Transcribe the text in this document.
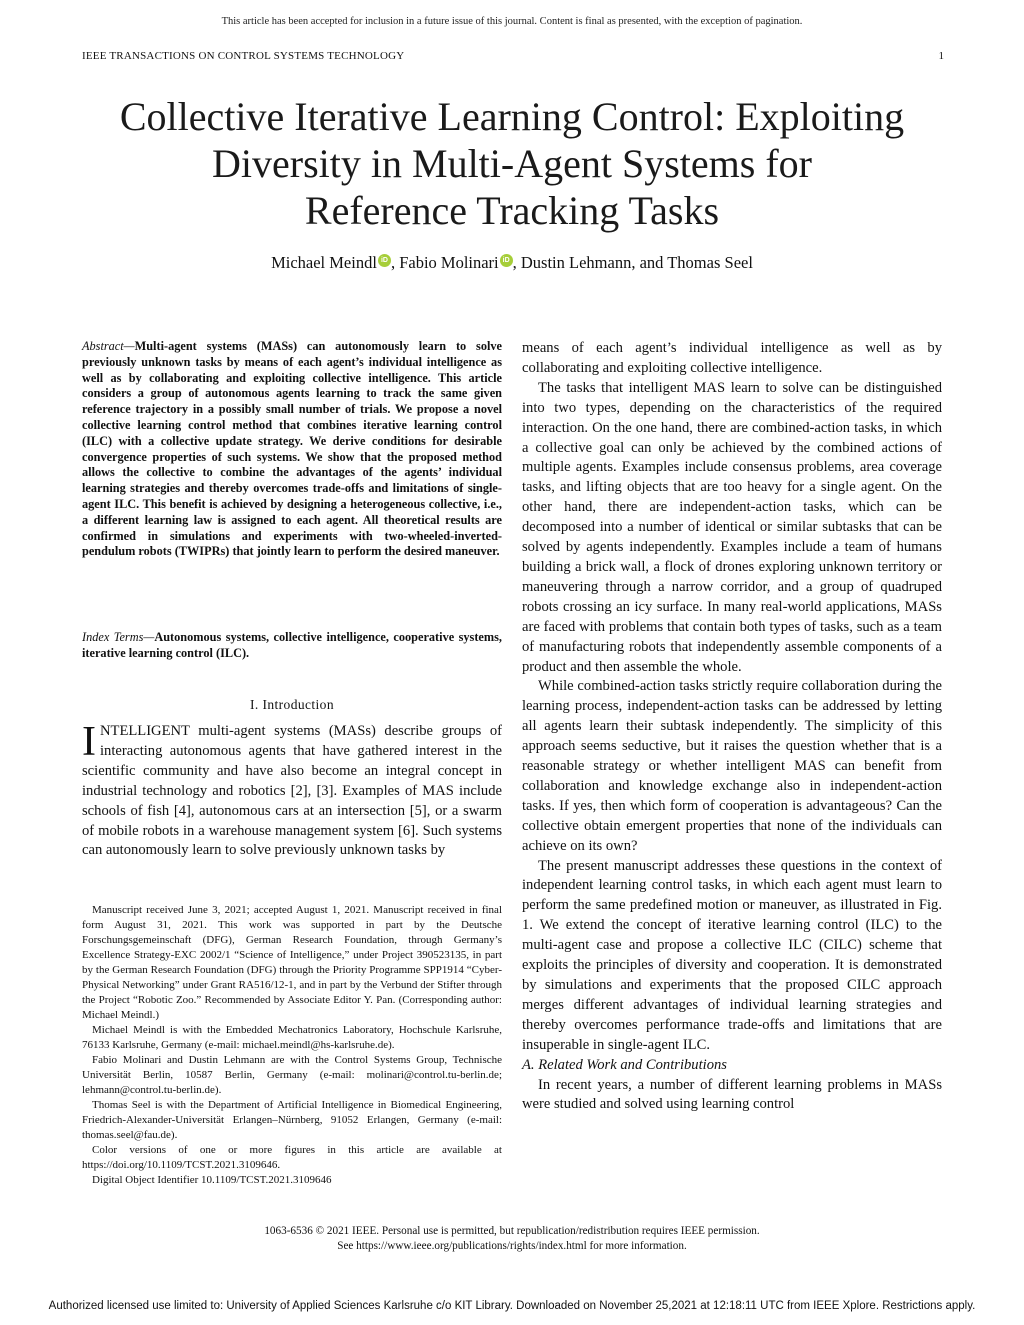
This article has been accepted for inclusion in a future issue of this journal. Content is final as presented, with the exception of pagination.
IEEE TRANSACTIONS ON CONTROL SYSTEMS TECHNOLOGY	1
Collective Iterative Learning Control: Exploiting
Diversity in Multi-Agent Systems for
Reference Tracking Tasks
Michael Meindl iD , Fabio Molinari iD , Dustin Lehmann, and Thomas Seel
Abstract—Multi-agent systems (MASs) can autonomously learn to solve previously unknown tasks by means of each agent’s individual intelligence as well as by collaborating and exploiting collective intelligence. This article considers a group of autonomous agents learning to track the same given reference trajectory in a possibly small number of trials. We propose a novel collective learning control method that combines iterative learning control (ILC) with a collective update strategy. We derive conditions for desirable convergence properties of such systems. We show that the proposed method allows the collective to combine the advantages of the agents’ individual learning strategies and thereby overcomes trade-offs and limitations of single-agent ILC. This benefit is achieved by designing a heterogeneous collective, i.e., a different learning law is assigned to each agent. All theoretical results are confirmed in simulations and experiments with two-wheeled-inverted-pendulum robots (TWIPRs) that jointly learn to perform the desired maneuver.
Index Terms—Autonomous systems, collective intelligence, cooperative systems, iterative learning control (ILC).
I. Introduction
INTELLIGENT multi-agent systems (MASs) describe groups of interacting autonomous agents that have gathered interest in the scientific community and have also become an integral concept in industrial technology and robotics [2], [3]. Examples of MAS include schools of fish [4], autonomous cars at an intersection [5], or a swarm of mobile robots in a warehouse management system [6]. Such systems can autonomously learn to solve previously unknown tasks by

Manuscript received June 3, 2021; accepted August 1, 2021. Manuscript received in final form August 31, 2021. This work was supported in part by the Deutsche Forschungsgemeinschaft (DFG), German Research Foundation, through Germany’s Excellence Strategy-EXC 2002/1 “Science of Intelligence,” under Project 390523135, in part by the German Research Foundation (DFG) through the Priority Programme SPP1914 “Cyber-Physical Networking” under Grant RA516/12-1, and in part by the Verbund der Stifter through the Project “Robotic Zoo.” Recommended by Associate Editor Y. Pan. (Corresponding author: Michael Meindl.)

Michael Meindl is with the Embedded Mechatronics Laboratory, Hochschule Karlsruhe, 76133 Karlsruhe, Germany (e-mail: michael.meindl@hs-karlsruhe.de).

Fabio Molinari and Dustin Lehmann are with the Control Systems Group, Technische Universität Berlin, 10587 Berlin, Germany (e-mail: molinari@control.tu-berlin.de; lehmann@control.tu-berlin.de).

Thomas Seel is with the Department of Artificial Intelligence in Biomedical Engineering, Friedrich-Alexander-Universität Erlangen–Nürnberg, 91052 Erlangen, Germany (e-mail: thomas.seel@fau.de).

Color versions of one or more figures in this article are available at https://doi.org/10.1109/TCST.2021.3109646.

Digital Object Identifier 10.1109/TCST.2021.3109646

means of each agent’s individual intelligence as well as by collaborating and exploiting collective intelligence.

The tasks that intelligent MAS learn to solve can be distinguished into two types, depending on the characteristics of the required interaction. On the one hand, there are combined-action tasks, in which a collective goal can only be achieved by the combined actions of multiple agents. Examples include consensus problems, area coverage tasks, and lifting objects that are too heavy for a single agent. On the other hand, there are independent-action tasks, which can be decomposed into a number of identical or similar subtasks that can be solved by agents independently. Examples include a team of humans building a brick wall, a flock of drones exploring unknown territory or maneuvering through a narrow corridor, and a group of quadruped robots crossing an icy surface. In many real-world applications, MASs are faced with problems that contain both types of tasks, such as a team of manufacturing robots that independently assemble components of a product and then assemble the whole.

While combined-action tasks strictly require collaboration during the learning process, independent-action tasks can be addressed by letting all agents learn their subtask independently. The simplicity of this approach seems seductive, but it raises the question whether that is a reasonable strategy or whether intelligent MAS can benefit from collaboration and knowledge exchange also in independent-action tasks. If yes, then which form of cooperation is advantageous? Can the collective obtain emergent properties that none of the individuals can achieve on its own?

The present manuscript addresses these questions in the context of independent learning control tasks, in which each agent must learn to perform the same predefined motion or maneuver, as illustrated in Fig. 1. We extend the concept of iterative learning control (ILC) to the multi-agent case and propose a collective ILC (CILC) scheme that exploits the principles of diversity and cooperation. It is demonstrated by simulations and experiments that the proposed CILC approach merges different advantages of individual learning strategies and thereby overcomes performance trade-offs and limitations that are insuperable in single-agent ILC.

A. Related Work and Contributions

In recent years, a number of different learning problems in MASs were studied and solved using learning control

1063-6536 © 2021 IEEE. Personal use is permitted, but republication/redistribution requires IEEE permission.
See https://www.ieee.org/publications/rights/index.html for more information.
Authorized licensed use limited to: University of Applied Sciences Karlsruhe c/o KIT Library. Downloaded on November 25,2021 at 12:18:11 UTC from IEEE Xplore. Restrictions apply.
